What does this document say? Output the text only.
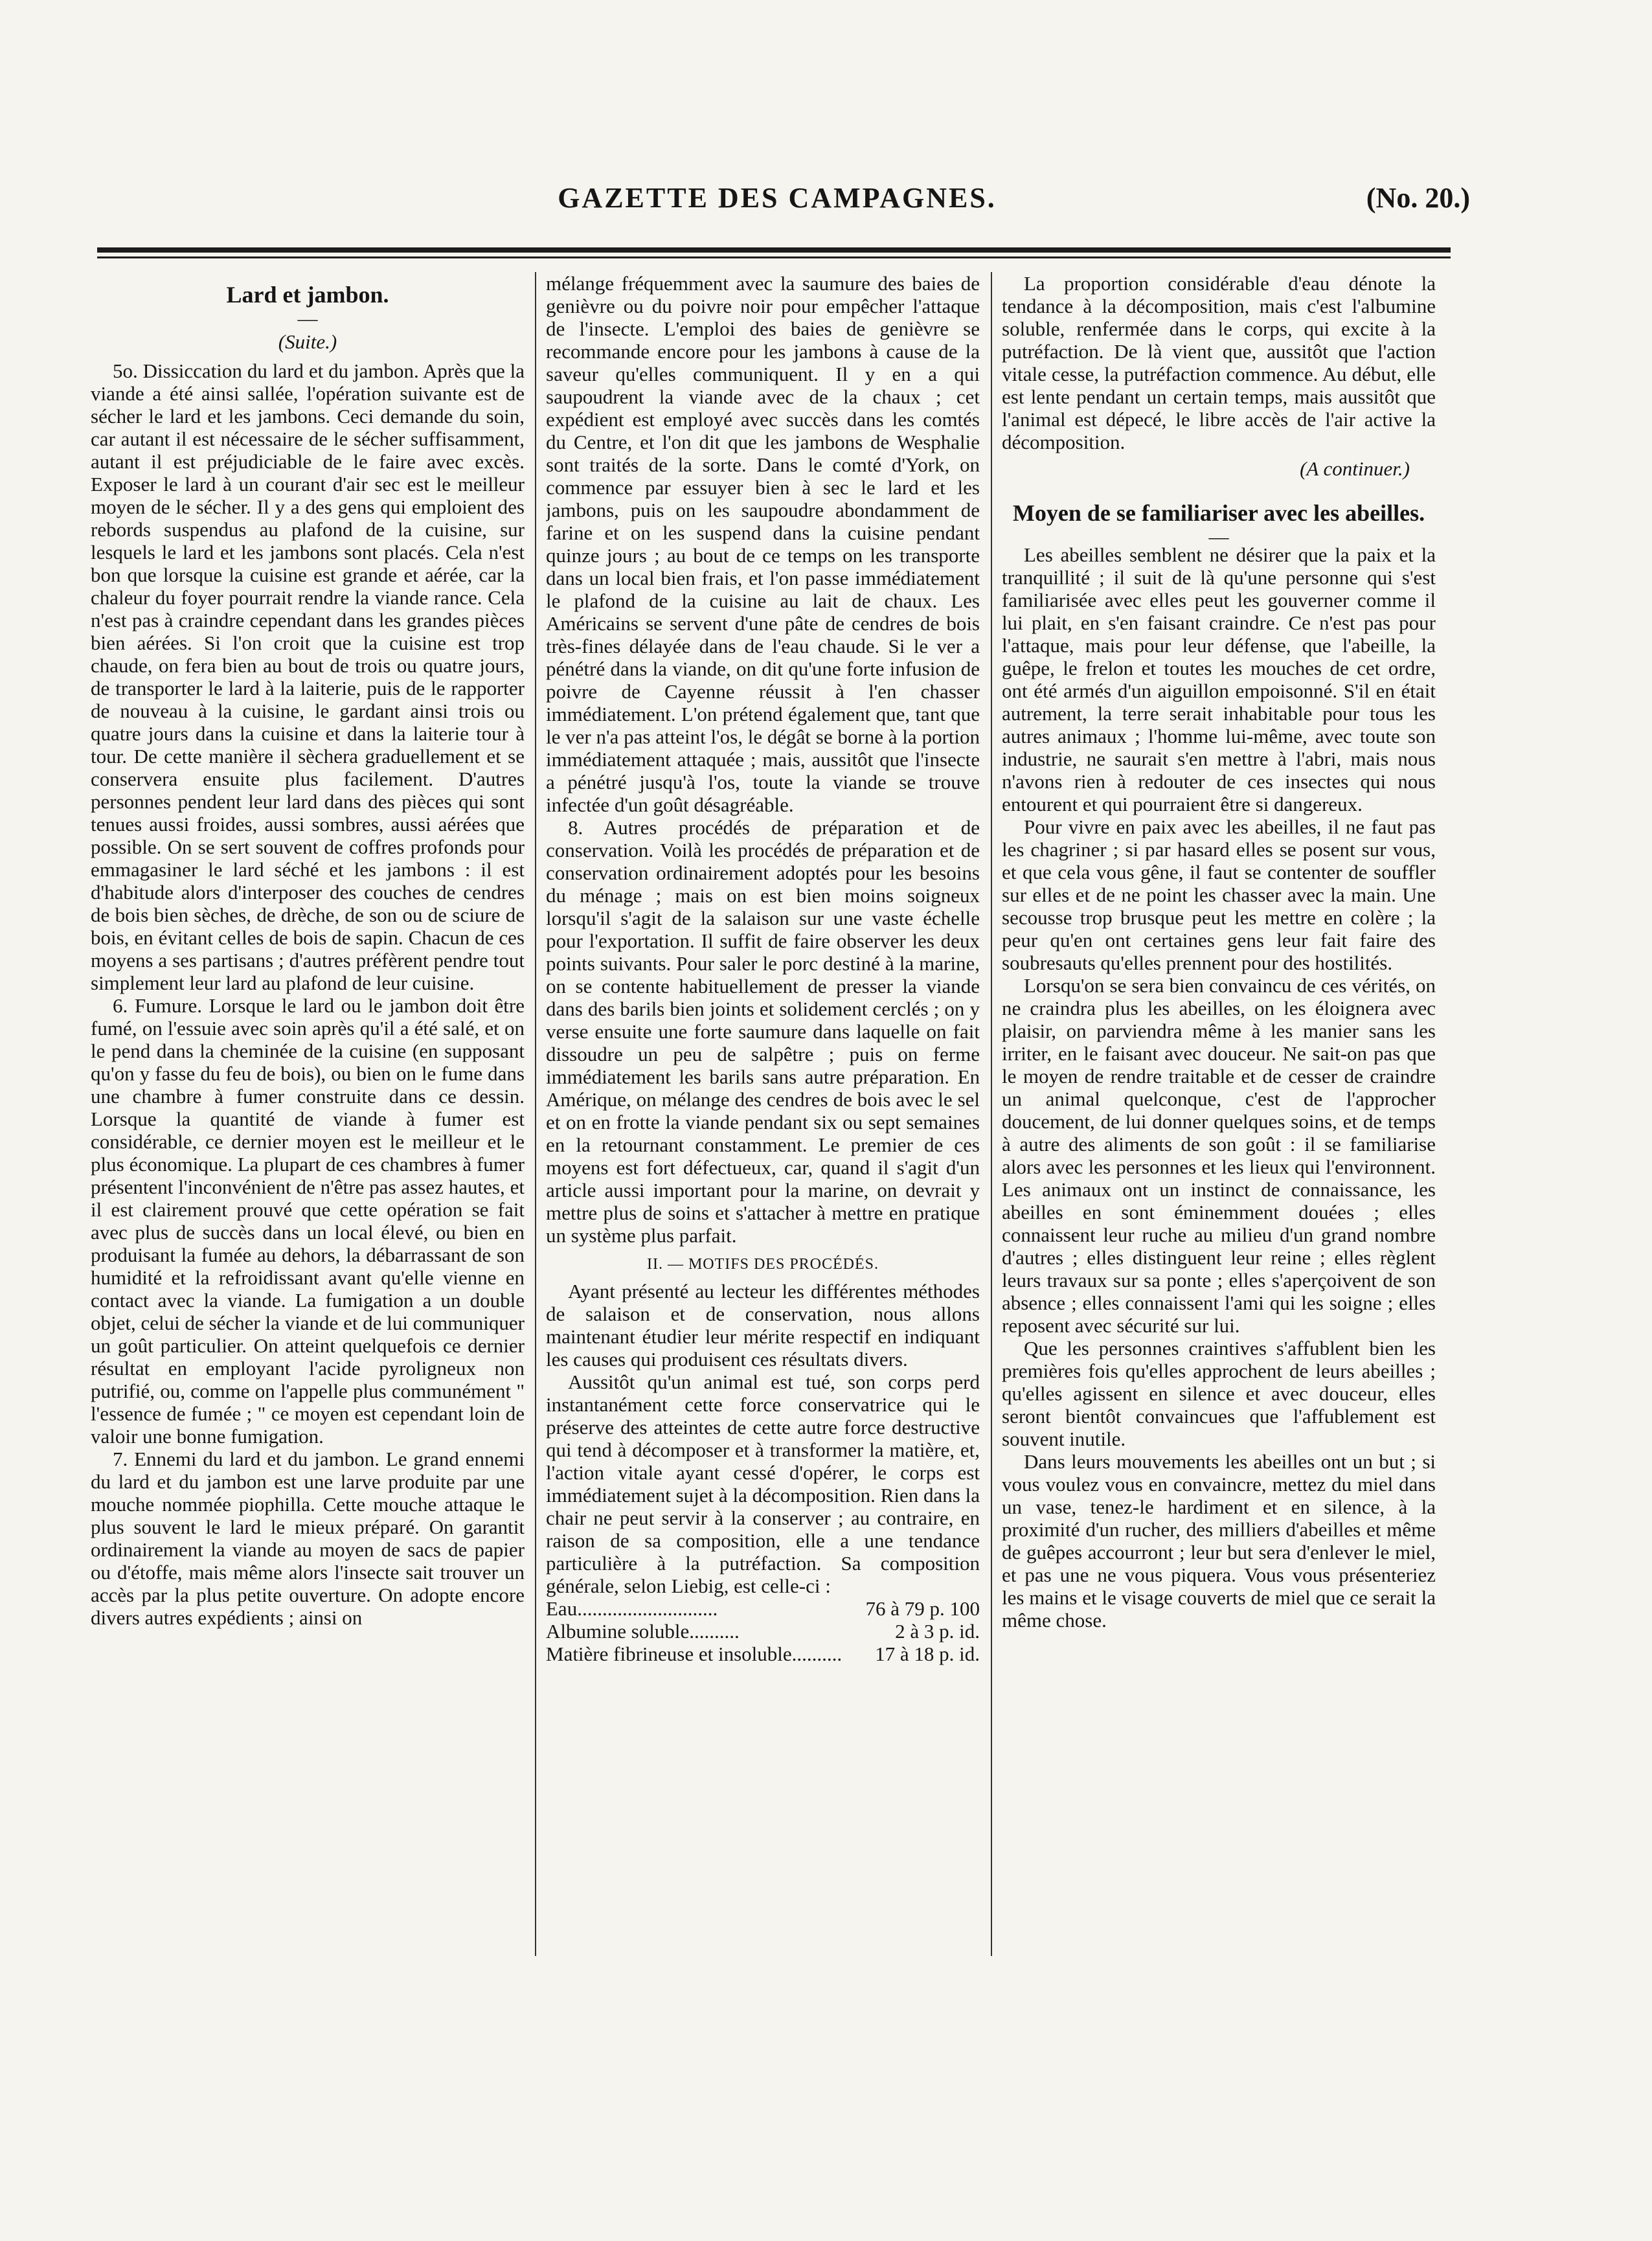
GAZETTE DES CAMPAGNES.	(No. 20.)
Lard et jambon.
—
(Suite.)

5o. Dissiccation du lard et du jambon. Après que la viande a été ainsi sallée, l'opération suivante est de sécher le lard et les jambons. Ceci demande du soin, car autant il est nécessaire de le sécher suffisamment, autant il est préjudiciable de le faire avec excès. Exposer le lard à un courant d'air sec est le meilleur moyen de le sécher. Il y a des gens qui emploient des rebords suspendus au plafond de la cuisine, sur lesquels le lard et les jambons sont placés. Cela n'est bon que lorsque la cuisine est grande et aérée, car la chaleur du foyer pourrait rendre la viande rance. Cela n'est pas à craindre cependant dans les grandes pièces bien aérées. Si l'on croit que la cuisine est trop chaude, on fera bien au bout de trois ou quatre jours, de transporter le lard à la laiterie, puis de le rapporter de nouveau à la cuisine, le gardant ainsi trois ou quatre jours dans la cuisine et dans la laiterie tour à tour. De cette manière il sèchera graduellement et se conservera ensuite plus facilement. D'autres personnes pendent leur lard dans des pièces qui sont tenues aussi froides, aussi sombres, aussi aérées que possible. On se sert souvent de coffres profonds pour emmagasiner le lard séché et les jambons : il est d'habitude alors d'interposer des couches de cendres de bois bien sèches, de drèche, de son ou de sciure de bois, en évitant celles de bois de sapin. Chacun de ces moyens a ses partisans ; d'autres préfèrent pendre tout simplement leur lard au plafond de leur cuisine.

6. Fumure. Lorsque le lard ou le jambon doit être fumé, on l'essuie avec soin après qu'il a été salé, et on le pend dans la cheminée de la cuisine (en supposant qu'on y fasse du feu de bois), ou bien on le fume dans une chambre à fumer construite dans ce dessin. Lorsque la quantité de viande à fumer est considérable, ce dernier moyen est le meilleur et le plus économique. La plupart de ces chambres à fumer présentent l'inconvénient de n'être pas assez hautes, et il est clairement prouvé que cette opération se fait avec plus de succès dans un local élevé, ou bien en produisant la fumée au dehors, la débarrassant de son humidité et la refroidissant avant qu'elle vienne en contact avec la viande. La fumigation a un double objet, celui de sécher la viande et de lui communiquer un goût particulier. On atteint quelquefois ce dernier résultat en employant l'acide pyroligneux non putrifié, ou, comme on l'appelle plus communément " l'essence de fumée ; " ce moyen est cependant loin de valoir une bonne fumigation.

7. Ennemi du lard et du jambon. Le grand ennemi du lard et du jambon est une larve produite par une mouche nommée piophilla. Cette mouche attaque le plus souvent le lard le mieux préparé. On garantit ordinairement la viande au moyen de sacs de papier ou d'étoffe, mais même alors l'insecte sait trouver un accès par la plus petite ouverture. On adopte encore divers autres expédients ; ainsi on

mélange fréquemment avec la saumure des baies de genièvre ou du poivre noir pour empêcher l'attaque de l'insecte. L'emploi des baies de genièvre se recommande encore pour les jambons à cause de la saveur qu'elles communiquent. Il y en a qui saupoudrent la viande avec de la chaux ; cet expédient est employé avec succès dans les comtés du Centre, et l'on dit que les jambons de Wesphalie sont traités de la sorte. Dans le comté d'York, on commence par essuyer bien à sec le lard et les jambons, puis on les saupoudre abondamment de farine et on les suspend dans la cuisine pendant quinze jours ; au bout de ce temps on les transporte dans un local bien frais, et l'on passe immédiatement le plafond de la cuisine au lait de chaux. Les Américains se servent d'une pâte de cendres de bois très-fines délayée dans de l'eau chaude. Si le ver a pénétré dans la viande, on dit qu'une forte infusion de poivre de Cayenne réussit à l'en chasser immédiatement. L'on prétend également que, tant que le ver n'a pas atteint l'os, le dégât se borne à la portion immédiatement attaquée ; mais, aussitôt que l'insecte a pénétré jusqu'à l'os, toute la viande se trouve infectée d'un goût désagréable.

8. Autres procédés de préparation et de conservation. Voilà les procédés de préparation et de conservation ordinairement adoptés pour les besoins du ménage ; mais on est bien moins soigneux lorsqu'il s'agit de la salaison sur une vaste échelle pour l'exportation. Il suffit de faire observer les deux points suivants. Pour saler le porc destiné à la marine, on se contente habituellement de presser la viande dans des barils bien joints et solidement cerclés ; on y verse ensuite une forte saumure dans laquelle on fait dissoudre un peu de salpêtre ; puis on ferme immédiatement les barils sans autre préparation. En Amérique, on mélange des cendres de bois avec le sel et on en frotte la viande pendant six ou sept semaines en la retournant constamment. Le premier de ces moyens est fort défectueux, car, quand il s'agit d'un article aussi important pour la marine, on devrait y mettre plus de soins et s'attacher à mettre en pratique un système plus parfait.

II. — MOTIFS DES PROCÉDÉS.

Ayant présenté au lecteur les différentes méthodes de salaison et de conservation, nous allons maintenant étudier leur mérite respectif en indiquant les causes qui produisent ces résultats divers.

Aussitôt qu'un animal est tué, son corps perd instantanément cette force conservatrice qui le préserve des atteintes de cette autre force destructive qui tend à décomposer et à transformer la matière, et, l'action vitale ayant cessé d'opérer, le corps est immédiatement sujet à la décomposition. Rien dans la chair ne peut servir à la conserver ; au contraire, en raison de sa composition, elle a une tendance particulière à la putréfaction. Sa composition générale, selon Liebig, est celle-ci :

Eau............................	76 à 79 p. 100
Albumine soluble..........	2 à 3 p. id.
Matière fibrineuse et insoluble..........	17 à 18 p. id.

La proportion considérable d'eau dénote la tendance à la décomposition, mais c'est l'albumine soluble, renfermée dans le corps, qui excite à la putréfaction. De là vient que, aussitôt que l'action vitale cesse, la putréfaction commence. Au début, elle est lente pendant un certain temps, mais aussitôt que l'animal est dépecé, le libre accès de l'air active la décomposition.

(A continuer.)
Moyen de se familiariser avec les abeilles.
—

Les abeilles semblent ne désirer que la paix et la tranquillité ; il suit de là qu'une personne qui s'est familiarisée avec elles peut les gouverner comme il lui plait, en s'en faisant craindre. Ce n'est pas pour l'attaque, mais pour leur défense, que l'abeille, la guêpe, le frelon et toutes les mouches de cet ordre, ont été armés d'un aiguillon empoisonné. S'il en était autrement, la terre serait inhabitable pour tous les autres animaux ; l'homme lui-même, avec toute son industrie, ne saurait s'en mettre à l'abri, mais nous n'avons rien à redouter de ces insectes qui nous entourent et qui pourraient être si dangereux.

Pour vivre en paix avec les abeilles, il ne faut pas les chagriner ; si par hasard elles se posent sur vous, et que cela vous gêne, il faut se contenter de souffler sur elles et de ne point les chasser avec la main. Une secousse trop brusque peut les mettre en colère ; la peur qu'en ont certaines gens leur fait faire des soubresauts qu'elles prennent pour des hostilités.

Lorsqu'on se sera bien convaincu de ces vérités, on ne craindra plus les abeilles, on les éloignera avec plaisir, on parviendra même à les manier sans les irriter, en le faisant avec douceur. Ne sait-on pas que le moyen de rendre traitable et de cesser de craindre un animal quelconque, c'est de l'approcher doucement, de lui donner quelques soins, et de temps à autre des aliments de son goût : il se familiarise alors avec les personnes et les lieux qui l'environnent. Les animaux ont un instinct de connaissance, les abeilles en sont éminemment douées ; elles connaissent leur ruche au milieu d'un grand nombre d'autres ; elles distinguent leur reine ; elles règlent leurs travaux sur sa ponte ; elles s'aperçoivent de son absence ; elles connaissent l'ami qui les soigne ; elles reposent avec sécurité sur lui.

Que les personnes craintives s'affublent bien les premières fois qu'elles approchent de leurs abeilles ; qu'elles agissent en silence et avec douceur, elles seront bientôt convaincues que l'affublement est souvent inutile.

Dans leurs mouvements les abeilles ont un but ; si vous voulez vous en convaincre, mettez du miel dans un vase, tenez-le hardiment et en silence, à la proximité d'un rucher, des milliers d'abeilles et même de guêpes accourront ; leur but sera d'enlever le miel, et pas une ne vous piquera. Vous vous présenteriez les mains et le visage couverts de miel que ce serait la même chose.
